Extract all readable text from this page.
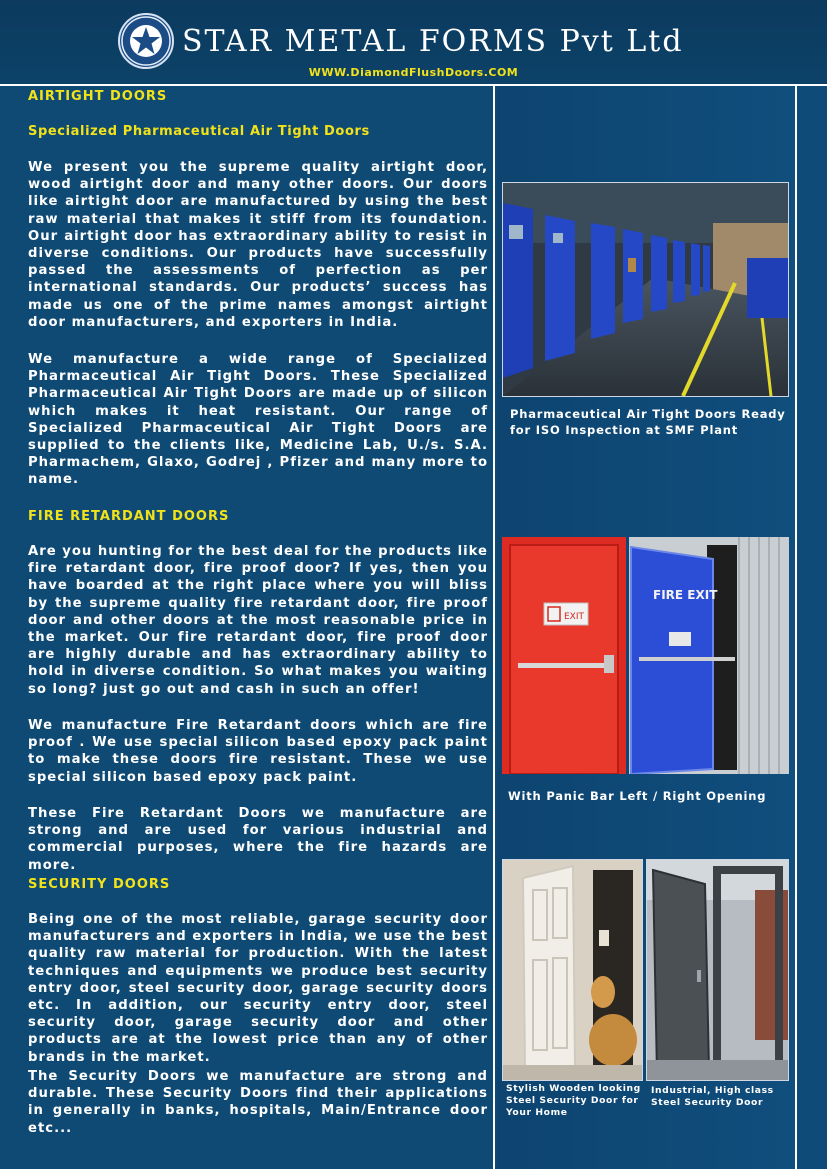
STAR METAL FORMS Pvt Ltd
WWW.DiamondFlushDoors.COM

AIRTIGHT DOORS

Specialized Pharmaceutical Air Tight Doors

We present you the supreme quality airtight door, wood airtight door and many other doors. Our doors like airtight door are manufactured by using the best raw material that makes it stiff from its foundation. Our airtight door has extraordinary ability to resist in diverse conditions. Our products have successfully passed the assessments of perfection as per international standards. Our products’ success has made us one of the prime names amongst airtight door manufacturers, and exporters in India.

We manufacture a wide range of Specialized Pharmaceutical Air Tight Doors. These Specialized Pharmaceutical Air Tight Doors are made up of silicon which makes it heat resistant. Our range of Specialized Pharmaceutical Air Tight Doors are supplied to the clients like, Medicine Lab, U./s. S.A. Pharmachem, Glaxo, Godrej , Pfizer and many more to name.

FIRE RETARDANT DOORS

Are you hunting for the best deal for the products like fire retardant door, fire proof door? If yes, then you have boarded at the right place where you will bliss by the supreme quality fire retardant door, fire proof door and other doors at the most reasonable price in the market. Our fire retardant door, fire proof door are highly durable and has extraordinary ability to hold in diverse condition. So what makes you waiting so long? just go out and cash in such an offer!

We manufacture Fire Retardant doors which are fire proof . We use special silicon based epoxy pack paint to make these doors fire resistant. These we use special silicon based epoxy pack paint.

These Fire Retardant Doors we manufacture are strong and are used for various industrial and commercial purposes, where the fire hazards are more.

SECURITY DOORS

Being one of the most reliable, garage security door manufacturers and exporters in India, we use the best quality raw material for production. With the latest techniques and equipments we produce best security entry door, steel security door, garage security doors etc. In addition, our security entry door, steel security door, garage security door and other products are at the lowest price than any of other brands in the market.

The Security Doors we manufacture are strong and durable. These Security Doors find their applications in generally in banks, hospitals, Main/Entrance door etc...

Pharmaceutical Air Tight Doors Ready for ISO Inspection at SMF Plant
EXIT
FIRE EXIT
With Panic Bar Left / Right Opening
Stylish Wooden looking Steel Security Door for Your Home
Industrial, High class Steel Security Door
